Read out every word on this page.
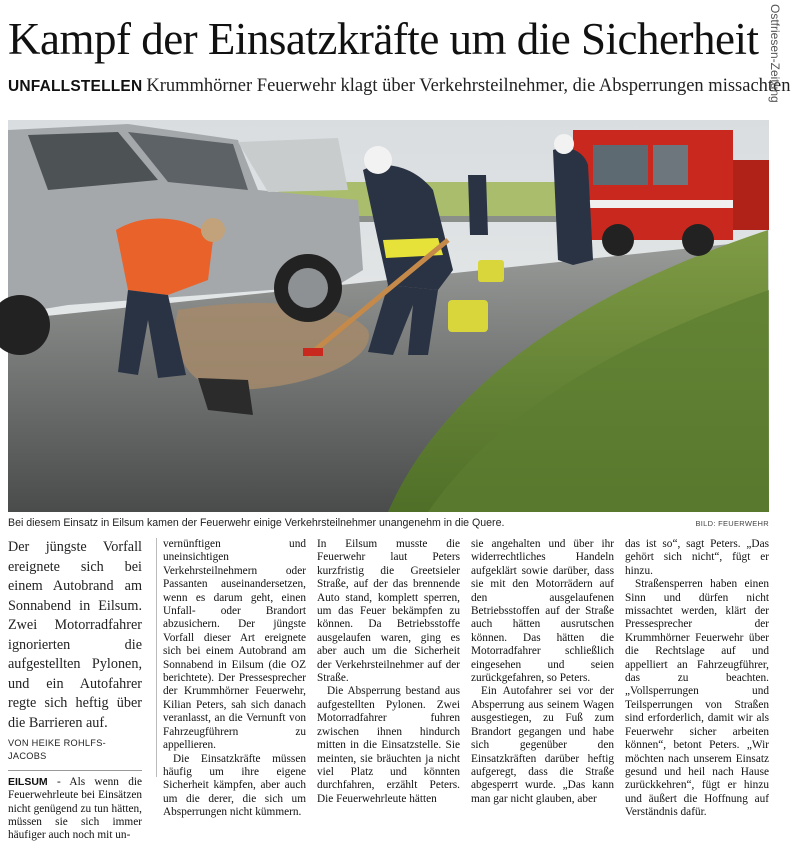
Kampf der Einsatzkräfte um die Sicherheit
UNFALLSTELLEN Krummhörner Feuerwehr klagt über Verkehrsteilnehmer, die Absperrungen missachten
Ostfriesen-Zeitung
Bei diesem Einsatz in Eilsum kamen der Feuerwehr einige Verkehrsteilnehmer unangenehm in die Quere.	BILD: FEUERWEHR

Der jüngste Vorfall ereignete sich bei einem Autobrand am Sonnabend in Eilsum. Zwei Motorradfahrer ignorierten die aufgestellten Pylonen, und ein Autofahrer regte sich heftig über die Barrieren auf.

VON HEIKE ROHLFS-JACOBS

EILSUM - Als wenn die Feuerwehrleute bei Einsätzen nicht genügend zu tun hätten, müssen sie sich immer häufiger auch noch mit un-

vernünftigen und uneinsichtigen Verkehrsteilnehmern oder Passanten auseinandersetzen, wenn es darum geht, einen Unfall- oder Brandort abzusichern. Der jüngste Vorfall dieser Art ereignete sich bei einem Autobrand am Sonnabend in Eilsum (die OZ berichtete). Der Pressesprecher der Krummhörner Feuerwehr, Kilian Peters, sah sich danach veranlasst, an die Vernunft von Fahrzeugführern zu appellieren.

Die Einsatzkräfte müssen häufig um ihre eigene Sicherheit kämpfen, aber auch um die derer, die sich um Absperrungen nicht kümmern.

In Eilsum musste die Feuerwehr laut Peters kurzfristig die Greetsieler Straße, auf der das brennende Auto stand, komplett sperren, um das Feuer bekämpfen zu können. Da Betriebsstoffe ausgelaufen waren, ging es aber auch um die Sicherheit der Verkehrsteilnehmer auf der Straße.

Die Absperrung bestand aus aufgestellten Pylonen. Zwei Motorradfahrer fuhren zwischen ihnen hindurch mitten in die Einsatzstelle. Sie meinten, sie bräuchten ja nicht viel Platz und könnten durchfahren, erzählt Peters. Die Feuerwehrleute hätten

sie angehalten und über ihr widerrechtliches Handeln aufgeklärt sowie darüber, dass sie mit den Motorrädern auf den ausgelaufenen Betriebsstoffen auf der Straße auch hätten ausrutschen können. Das hätten die Motorradfahrer schließlich eingesehen und seien zurückgefahren, so Peters.

Ein Autofahrer sei vor der Absperrung aus seinem Wagen ausgestiegen, zu Fuß zum Brandort gegangen und habe sich gegenüber den Einsatzkräften darüber heftig aufgeregt, dass die Straße abgesperrt wurde. „Das kann man gar nicht glauben, aber

das ist so“, sagt Peters. „Das gehört sich nicht“, fügt er hinzu.

Straßensperren haben einen Sinn und dürfen nicht missachtet werden, klärt der Pressesprecher der Krummhörner Feuerwehr über die Rechtslage auf und appelliert an Fahrzeugführer, das zu beachten. „Vollsperrungen und Teilsperrungen von Straßen sind erforderlich, damit wir als Feuerwehr sicher arbeiten können“, betont Peters. „Wir möchten nach unserem Einsatz gesund und heil nach Hause zurückkehren“, fügt er hinzu und äußert die Hoffnung auf Verständnis dafür.
